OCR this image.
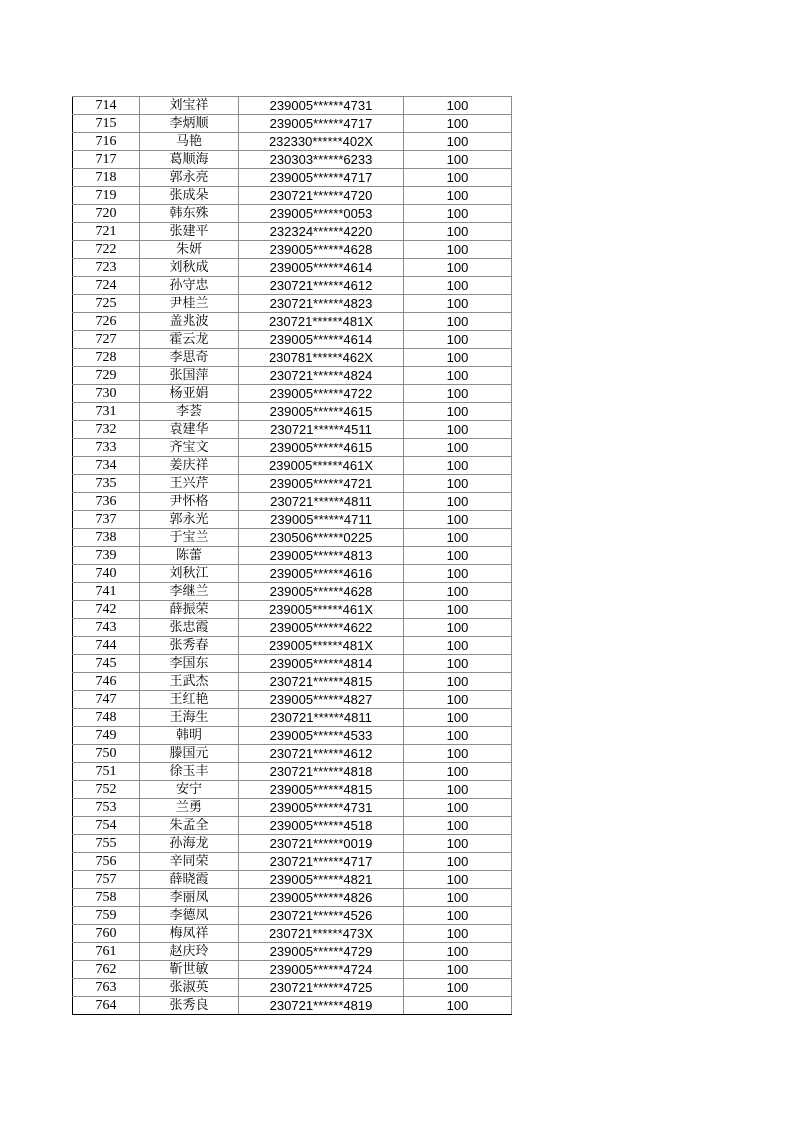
714	刘宝祥	239005******4731	100
715	李炳顺	239005******4717	100
716	马艳	232330******402X	100
717	葛顺海	230303******6233	100
718	郭永亮	239005******4717	100
719	张成朵	230721******4720	100
720	韩东殊	239005******0053	100
721	张建平	232324******4220	100
722	朱妍	239005******4628	100
723	刘秋成	239005******4614	100
724	孙守忠	230721******4612	100
725	尹桂兰	230721******4823	100
726	盖兆波	230721******481X	100
727	霍云龙	239005******4614	100
728	李思奇	230781******462X	100
729	张国萍	230721******4824	100
730	杨亚娟	239005******4722	100
731	李荟	239005******4615	100
732	袁建华	230721******4511	100
733	齐宝文	239005******4615	100
734	姜庆祥	239005******461X	100
735	王兴芹	239005******4721	100
736	尹怀格	230721******4811	100
737	郭永光	239005******4711	100
738	于宝兰	230506******0225	100
739	陈蕾	239005******4813	100
740	刘秋江	239005******4616	100
741	李继兰	239005******4628	100
742	薛振荣	239005******461X	100
743	张忠霞	239005******4622	100
744	张秀春	239005******481X	100
745	李国东	239005******4814	100
746	王武杰	230721******4815	100
747	王红艳	239005******4827	100
748	王海生	230721******4811	100
749	韩明	239005******4533	100
750	滕国元	230721******4612	100
751	徐玉丰	230721******4818	100
752	安宁	239005******4815	100
753	兰勇	239005******4731	100
754	朱孟全	239005******4518	100
755	孙海龙	230721******0019	100
756	辛同荣	230721******4717	100
757	薛晓霞	239005******4821	100
758	李丽凤	239005******4826	100
759	李德凤	230721******4526	100
760	梅凤祥	230721******473X	100
761	赵庆玲	239005******4729	100
762	靳世敏	239005******4724	100
763	张淑英	230721******4725	100
764	张秀良	230721******4819	100
